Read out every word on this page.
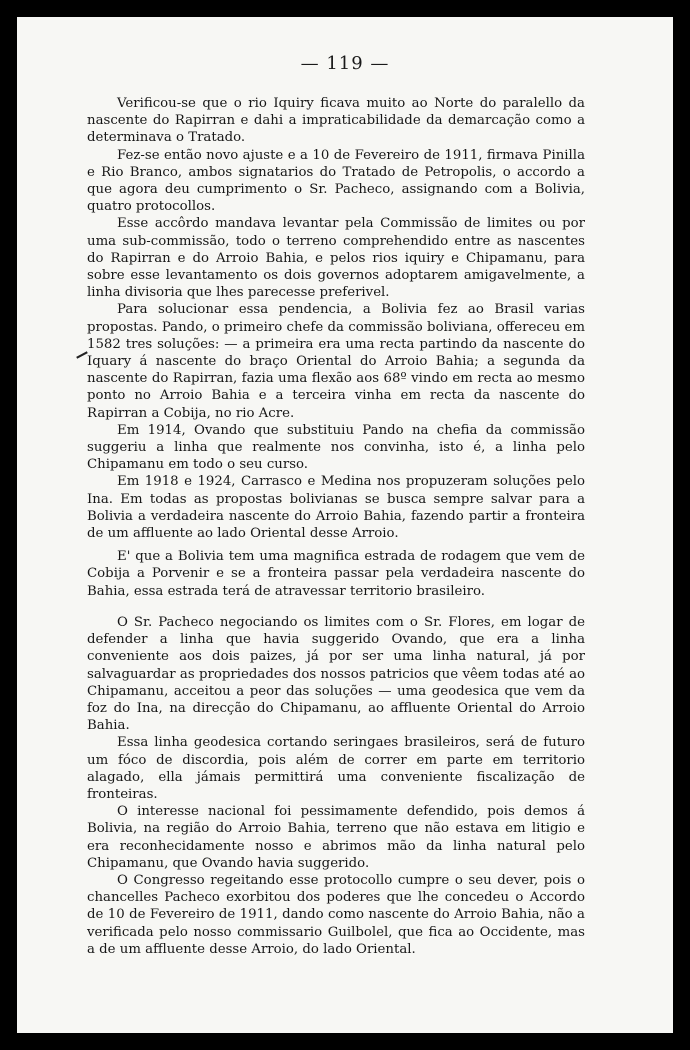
— 119 —

Verificou-se que o rio Iquiry ficava muito ao Norte do paralello da nascente do Rapirran e dahi a impraticabilidade da demarcação como a determinava o Tratado.

Fez-se então novo ajuste e a 10 de Fevereiro de 1911, firmava Pinilla e Rio Branco, ambos signatarios do Tratado de Petropolis, o accordo a que agora deu cumprimento o Sr. Pacheco, assignando com a Bolivia, quatro protocollos.

Esse accôrdo mandava levantar pela Commissão de limites ou por uma sub-commissão, todo o terreno comprehendido entre as nascentes do Rapirran e do Arroio Bahia, e pelos rios iquiry e Chipamanu, para sobre esse levantamento os dois governos adoptarem amigavelmente, a linha divisoria que lhes parecesse preferivel.

Para solucionar essa pendencia, a Bolivia fez ao Brasil varias propostas. Pando, o primeiro chefe da commissão boliviana, offereceu em 1582 tres soluções: — a primeira era uma recta partindo da nascente do Iquary á nascente do braço Oriental do Arroio Bahia; a segunda da nascente do Rapirran, fazia uma flexão aos 68º vindo em recta ao mesmo ponto no Arroio Bahia e a terceira vinha em recta da nascente do Rapirran a Cobija, no rio Acre.

Em 1914, Ovando que substituiu Pando na chefia da commissão suggeriu a linha que realmente nos convinha, isto é, a linha pelo Chipamanu em todo o seu curso.

Em 1918 e 1924, Carrasco e Medina nos propuzeram soluções pelo Ina. Em todas as propostas bolivianas se busca sempre salvar para a Bolivia a verdadeira nascente do Arroio Bahia, fazendo partir a fronteira de um affluente ao lado Oriental desse Arroio.

E' que a Bolivia tem uma magnifica estrada de rodagem que vem de Cobija a Porvenir e se a fronteira passar pela verdadeira nascente do Bahia, essa estrada terá de atravessar territorio brasileiro.

O Sr. Pacheco negociando os limites com o Sr. Flores, em logar de defender a linha que havia suggerido Ovando, que era a linha conveniente aos dois paizes, já por ser uma linha natural, já por salvaguardar as propriedades dos nossos patricios que vêem todas até ao Chipamanu, acceitou a peor das soluções — uma geodesica que vem da foz do Ina, na direcção do Chipamanu, ao affluente Oriental do Arroio Bahia.

Essa linha geodesica cortando seringaes brasileiros, será de futuro um fóco de discordia, pois além de correr em parte em territorio alagado, ella jámais permittirá uma conveniente fiscalização de fronteiras.

O interesse nacional foi pessimamente defendido, pois demos á Bolivia, na região do Arroio Bahia, terreno que não estava em litigio e era reconhecidamente nosso e abrimos mão da linha natural pelo Chipamanu, que Ovando havia suggerido.

O Congresso regeitando esse protocollo cumpre o seu dever, pois o chancelles Pacheco exorbitou dos poderes que lhe concedeu o Accordo de 10 de Fevereiro de 1911, dando como nascente do Arroio Bahia, não a verificada pelo nosso commissario Guilbolel, que fica ao Occidente, mas a de um affluente desse Arroio, do lado Oriental.
